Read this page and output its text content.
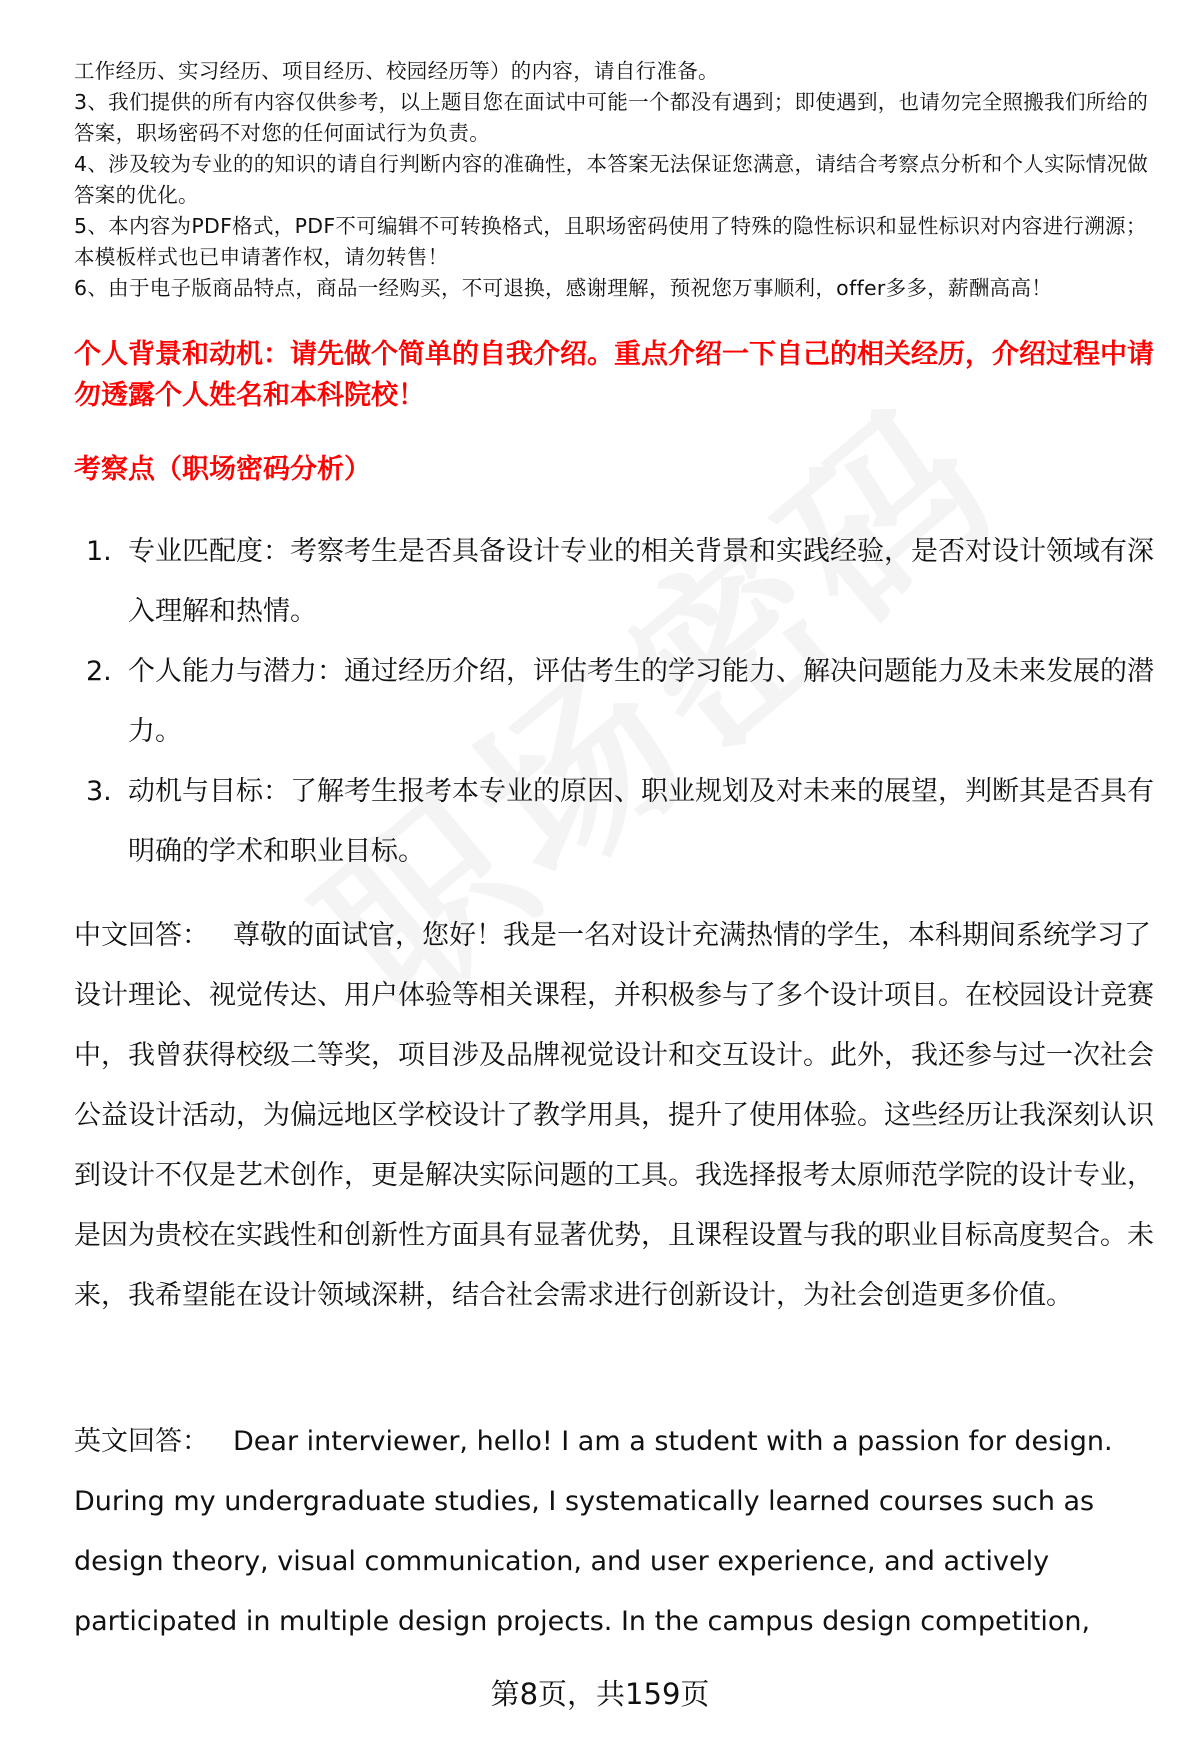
工作经历、实习经历、项目经历、校园经历等）的内容，请自行准备。

3、我们提供的所有内容仅供参考，以上题目您在面试中可能一个都没有遇到；即使遇到，也请勿完全照搬我们所给的答案，职场密码不对您的任何面试行为负责。

4、涉及较为专业的的知识的请自行判断内容的准确性，本答案无法保证您满意，请结合考察点分析和个人实际情况做答案的优化。

5、本内容为PDF格式，PDF不可编辑不可转换格式，且职场密码使用了特殊的隐性标识和显性标识对内容进行溯源；本模板样式也已申请著作权，请勿转售！

6、由于电子版商品特点，商品一经购买，不可退换，感谢理解，预祝您万事顺利，offer多多，薪酬高高！

个人背景和动机：请先做个简单的自我介绍。重点介绍一下自己的相关经历，介绍过程中请勿透露个人姓名和本科院校！
考察点（职场密码分析）
1. 专业匹配度：考察考生是否具备设计专业的相关背景和实践经验，是否对设计领域有深入理解和热情。
2. 个人能力与潜力：通过经历介绍，评估考生的学习能力、解决问题能力及未来发展的潜力。
3. 动机与目标：了解考生报考本专业的原因、职业规划及对未来的展望，判断其是否具有明确的学术和职业目标。

中文回答： 尊敬的面试官，您好！我是一名对设计充满热情的学生，本科期间系统学习了设计理论、视觉传达、用户体验等相关课程，并积极参与了多个设计项目。在校园设计竞赛中，我曾获得校级二等奖，项目涉及品牌视觉设计和交互设计。此外，我还参与过一次社会公益设计活动，为偏远地区学校设计了教学用具，提升了使用体验。这些经历让我深刻认识到设计不仅是艺术创作，更是解决实际问题的工具。我选择报考太原师范学院的设计专业，是因为贵校在实践性和创新性方面具有显著优势，且课程设置与我的职业目标高度契合。未来，我希望能在设计领域深耕，结合社会需求进行创新设计，为社会创造更多价值。

英文回答： Dear interviewer, hello! I am a student with a passion for design. During my undergraduate studies, I systematically learned courses such as design theory, visual communication, and user experience, and actively participated in multiple design projects. In the campus design competition,

第8页，共159页
